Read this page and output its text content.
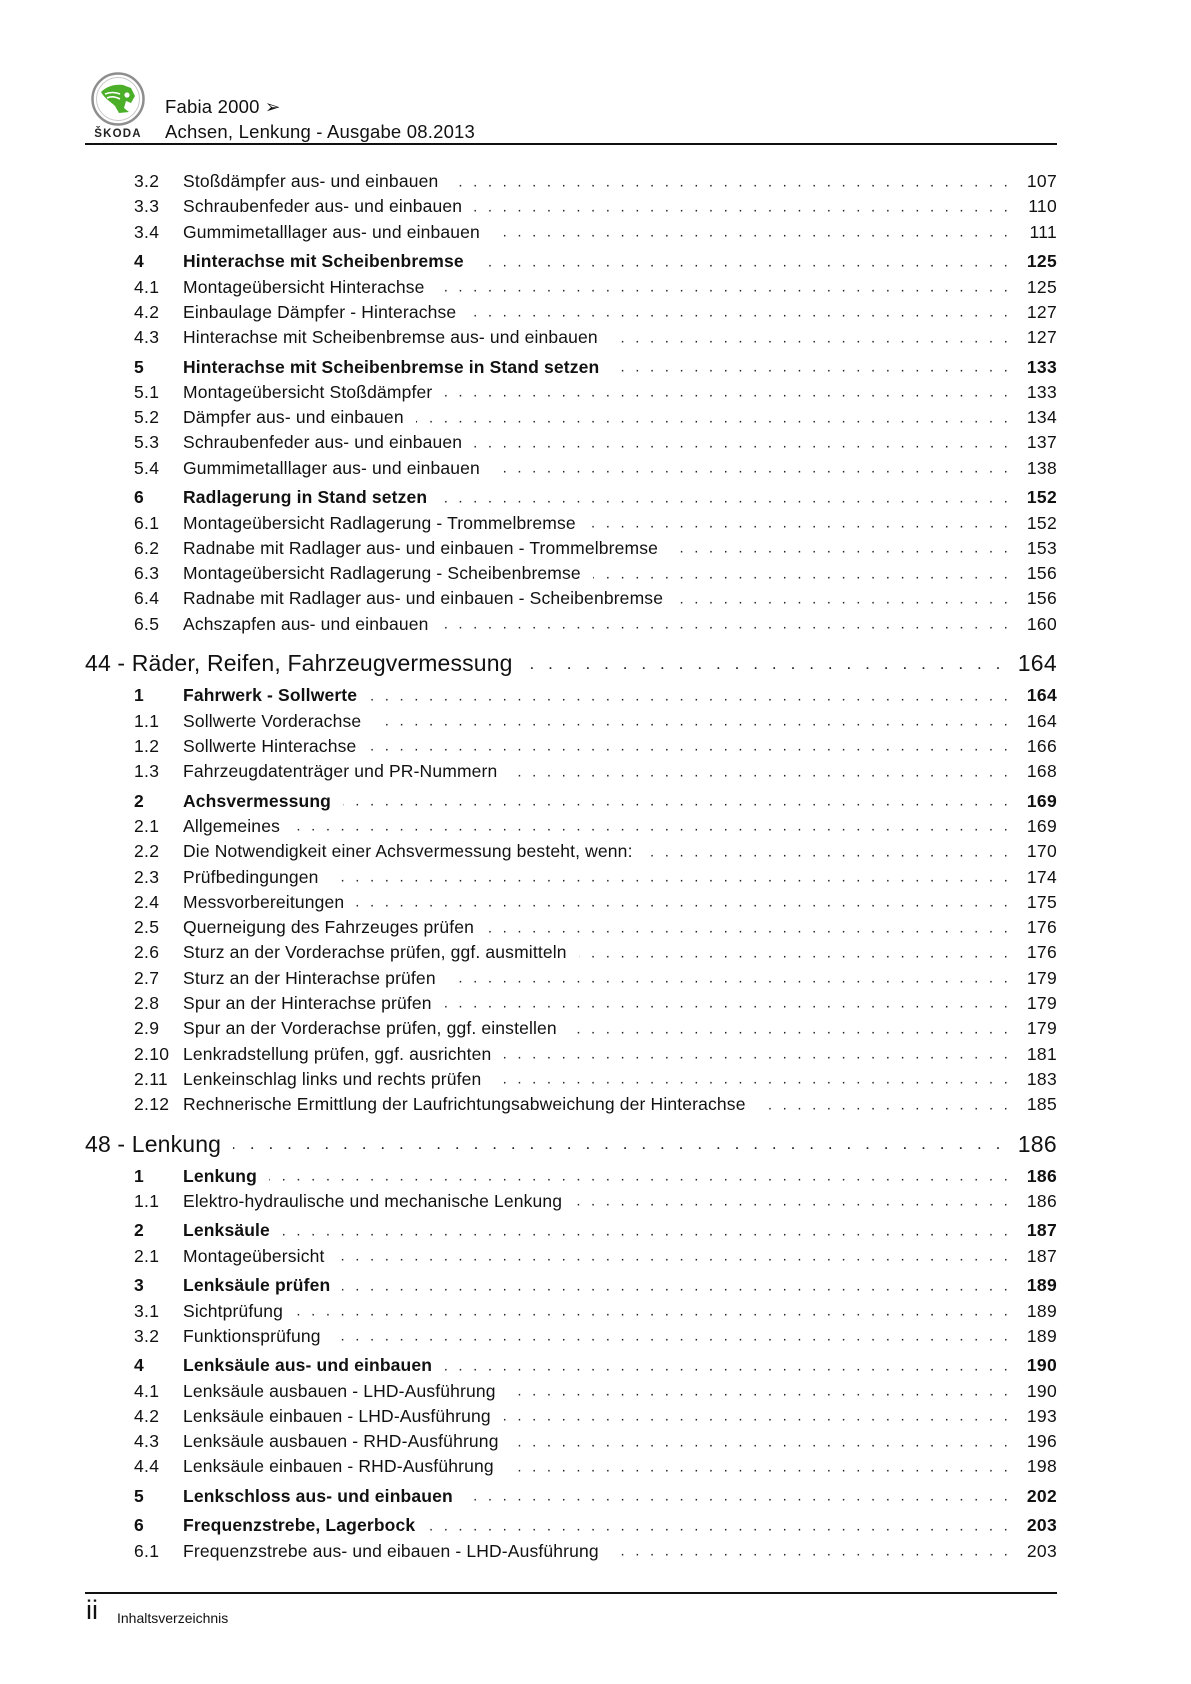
ŠKODA
Fabia 2000 ➢
Achsen, Lenkung - Ausgabe 08.2013
3.2	Stoßdämpfer aus- und einbauen . . .	107
3.3	Schraubenfeder aus- und einbauen . . .	110
3.4	Gummimetalllager aus- und einbauen . . .	111
4	Hinterachse mit Scheibenbremse . . .	125
4.1	Montageübersicht Hinterachse . . .	125
4.2	Einbaulage Dämpfer - Hinterachse . . .	127
4.3	Hinterachse mit Scheibenbremse aus- und einbauen . . .	127
5	Hinterachse mit Scheibenbremse in Stand setzen . . .	133
5.1	Montageübersicht Stoßdämpfer . . .	133
5.2	Dämpfer aus- und einbauen . . .	134
5.3	Schraubenfeder aus- und einbauen . . .	137
5.4	Gummimetalllager aus- und einbauen . . .	138
6	Radlagerung in Stand setzen . . .	152
6.1	Montageübersicht Radlagerung - Trommelbremse . . .	152
6.2	Radnabe mit Radlager aus- und einbauen - Trommelbremse . . .	153
6.3	Montageübersicht Radlagerung - Scheibenbremse . . .	156
6.4	Radnabe mit Radlager aus- und einbauen - Scheibenbremse . . .	156
6.5	Achszapfen aus- und einbauen . . .	160
44 - Räder, Reifen, Fahrzeugvermessung . . .	164
1	Fahrwerk - Sollwerte . . .	164
1.1	Sollwerte Vorderachse . . .	164
1.2	Sollwerte Hinterachse . . .	166
1.3	Fahrzeugdatenträger und PR-Nummern . . .	168
2	Achsvermessung . . .	169
2.1	Allgemeines . . .	169
2.2	Die Notwendigkeit einer Achsvermessung besteht, wenn: . . .	170
2.3	Prüfbedingungen . . .	174
2.4	Messvorbereitungen . . .	175
2.5	Querneigung des Fahrzeuges prüfen . . .	176
2.6	Sturz an der Vorderachse prüfen, ggf. ausmitteln . . .	176
2.7	Sturz an der Hinterachse prüfen . . .	179
2.8	Spur an der Hinterachse prüfen . . .	179
2.9	Spur an der Vorderachse prüfen, ggf. einstellen . . .	179
2.10 Lenkradstellung prüfen, ggf. ausrichten . . .	181
2.11 Lenkeinschlag links und rechts prüfen . . .	183
2.12 Rechnerische Ermittlung der Laufrichtungsabweichung der Hinterachse . . .	185
48 - Lenkung . . .	186
1	Lenkung . . .	186
1.1	Elektro-hydraulische und mechanische Lenkung . . .	186
2	Lenksäule . . .	187
2.1	Montageübersicht . . .	187
3	Lenksäule prüfen . . .	189
3.1	Sichtprüfung . . .	189
3.2	Funktionsprüfung . . .	189
4	Lenksäule aus- und einbauen . . .	190
4.1	Lenksäule ausbauen - LHD-Ausführung . . .	190
4.2	Lenksäule einbauen - LHD-Ausführung . . .	193
4.3	Lenksäule ausbauen - RHD-Ausführung . . .	196
4.4	Lenksäule einbauen - RHD-Ausführung . . .	198
5	Lenkschloss aus- und einbauen . . .	202
6	Frequenzstrebe, Lagerbock . . .	203
6.1	Frequenzstrebe aus- und eibauen - LHD-Ausführung . . .	203
ii Inhaltsverzeichnis
